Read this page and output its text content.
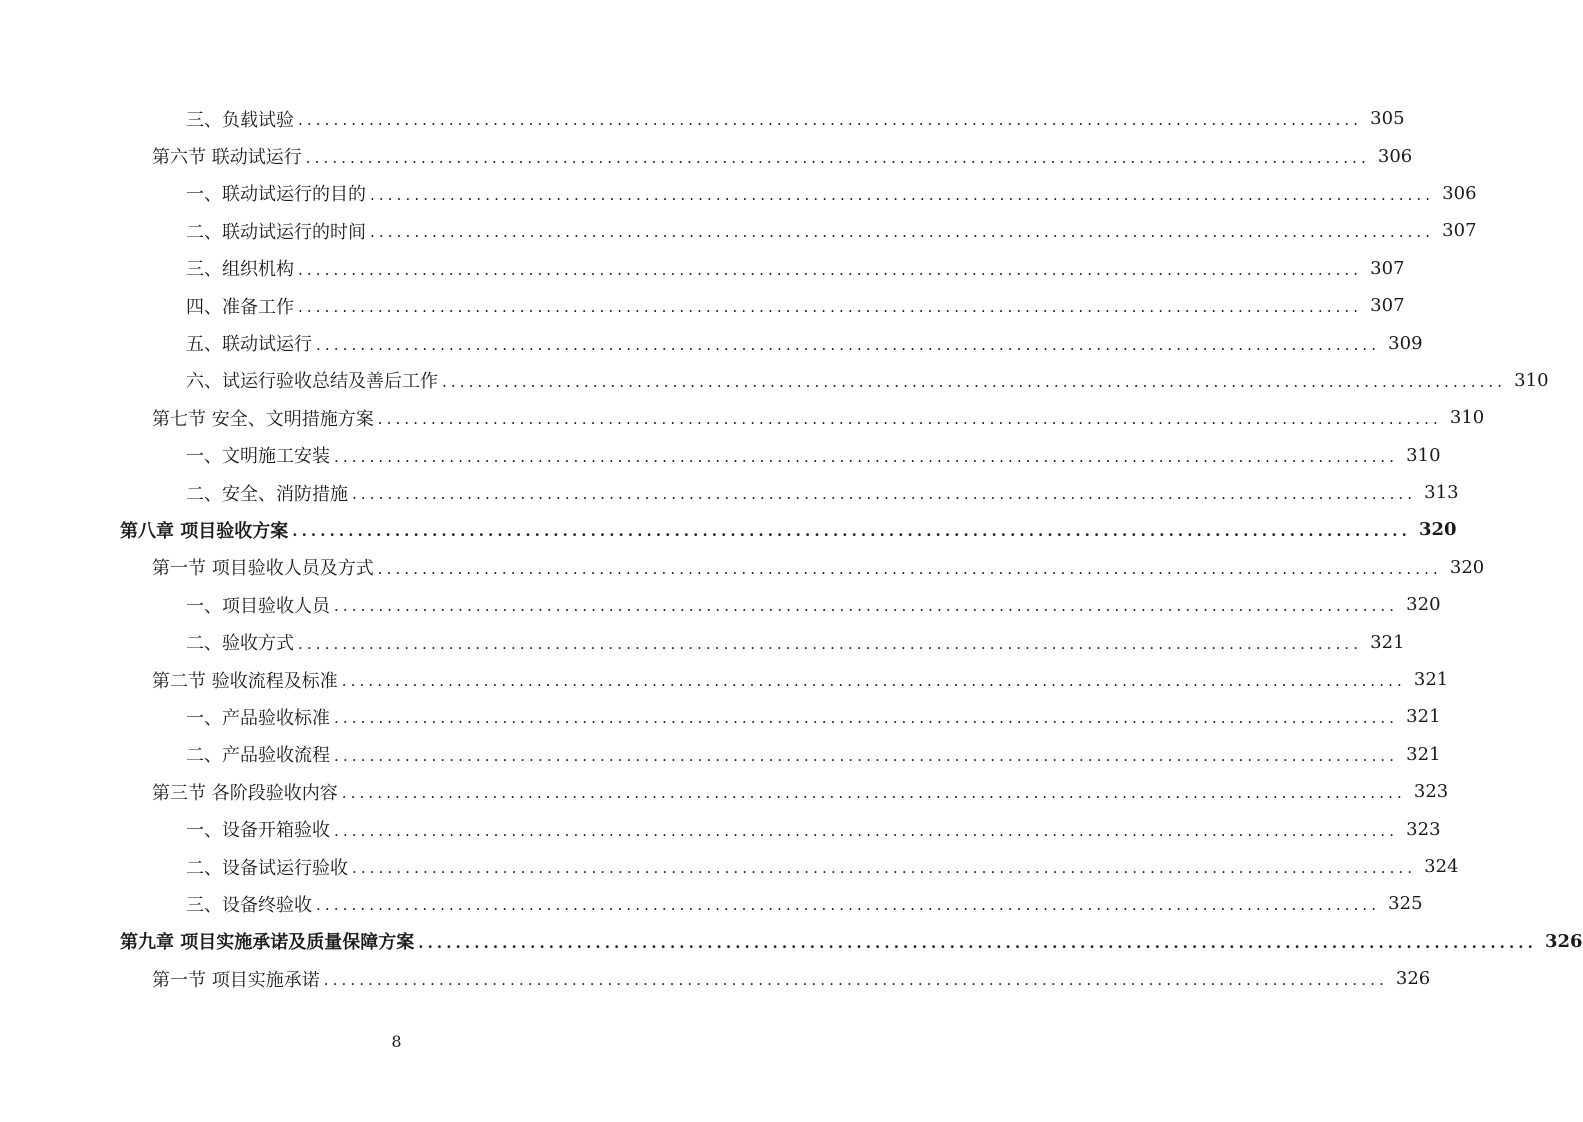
三、负载试验 ........................................................................................................................ 305
第六节 联动试运行 ........................................................................................................................ 306
一、联动试运行的目的 ........................................................................................................................ 306
二、联动试运行的时间 ........................................................................................................................ 307
三、组织机构 ........................................................................................................................ 307
四、准备工作 ........................................................................................................................ 307
五、联动试运行 ........................................................................................................................ 309
六、试运行验收总结及善后工作 ........................................................................................................................ 310
第七节 安全、文明措施方案 ........................................................................................................................ 310
一、文明施工安装 ........................................................................................................................ 310
二、安全、消防措施 ........................................................................................................................ 313
第八章 项目验收方案 ........................................................................................................................ 320
第一节 项目验收人员及方式 ........................................................................................................................ 320
一、项目验收人员 ........................................................................................................................ 320
二、验收方式 ........................................................................................................................ 321
第二节 验收流程及标准 ........................................................................................................................ 321
一、产品验收标准 ........................................................................................................................ 321
二、产品验收流程 ........................................................................................................................ 321
第三节 各阶段验收内容 ........................................................................................................................ 323
一、设备开箱验收 ........................................................................................................................ 323
二、设备试运行验收 ........................................................................................................................ 324
三、设备终验收 ........................................................................................................................ 325
第九章 项目实施承诺及质量保障方案 ........................................................................................................................ 326
第一节 项目实施承诺 ........................................................................................................................ 326
8
